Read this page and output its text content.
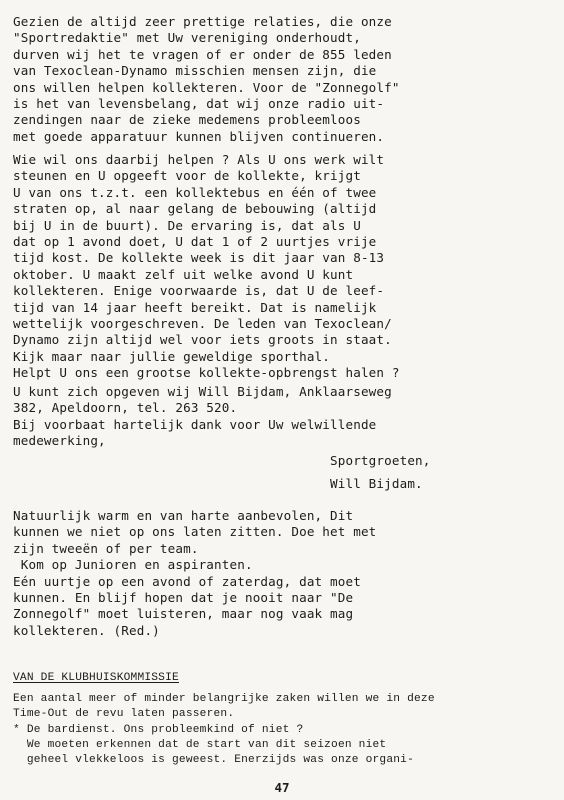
Gezien de altijd zeer prettige relaties, die onze
"Sportredaktie" met Uw vereniging onderhoudt,
durven wij het te vragen of er onder de 855 leden
van Texoclean-Dynamo misschien mensen zijn, die
ons willen helpen kollekteren. Voor de "Zonnegolf"
is het van levensbelang, dat wij onze radio uit-
zendingen naar de zieke medemens probleemloos
met goede apparatuur kunnen blijven continueren.
Wie wil ons daarbij helpen ? Als U ons werk wilt
steunen en U opgeeft voor de kollekte, krijgt
U van ons t.z.t. een kollektebus en één of twee
straten op, al naar gelang de bebouwing (altijd
bij U in de buurt). De ervaring is, dat als U
dat op 1 avond doet, U dat 1 of 2 uurtjes vrije
tijd kost. De kollekte week is dit jaar van 8-13
oktober. U maakt zelf uit welke avond U kunt
kollekteren. Enige voorwaarde is, dat U de leef-
tijd van 14 jaar heeft bereikt. Dat is namelijk
wettelijk voorgeschreven. De leden van Texoclean/
Dynamo zijn altijd wel voor iets groots in staat.
Kijk maar naar jullie geweldige sporthal.
Helpt U ons een grootse kollekte-opbrengst halen ?
U kunt zich opgeven wij Will Bijdam, Anklaarseweg
382, Apeldoorn, tel. 263 520.
Bij voorbaat hartelijk dank voor Uw welwillende
medewerking,
Sportgroeten,
Will Bijdam.
Natuurlijk warm en van harte aanbevolen, Dit
kunnen we niet op ons laten zitten. Doe het met
zijn tweeën of per team.
Kom op Junioren en aspiranten.
Eén uurtje op een avond of zaterdag, dat moet
kunnen. En blijf hopen dat je nooit naar "De
Zonnegolf" moet luisteren, maar nog vaak mag
kollekteren. (Red.)
VAN DE KLUBHUISKOMMISSIE
Een aantal meer of minder belangrijke zaken willen we in deze
Time-Out de revu laten passeren.
* De bardienst. Ons probleemkind of niet ?
We moeten erkennen dat de start van dit seizoen niet
geheel vlekkeloos is geweest. Enerzijds was onze organi-
47
